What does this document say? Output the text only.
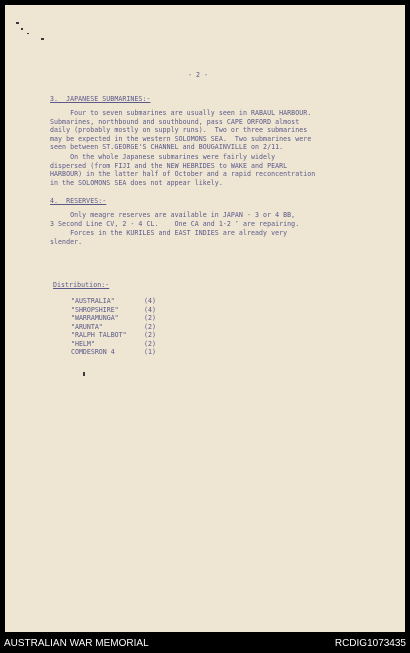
- 2 -
3.  JAPANESE SUBMARINES:-
Four to seven submarines are usually seen in RABAUL HARBOUR.
Submarines, northbound and southbound, pass CAPE ORFORD almost
daily (probably mostly on supply runs).  Two or three submarines
may be expected in the western SOLOMONS SEA.  Two submarines were
seen between ST.GEORGE'S CHANNEL and BOUGAINVILLE on 2/11.
On the whole Japanese submarines were fairly widely
dispersed (from FIJI and the NEW HEBRIDES to WAKE and PEARL
HARBOUR) in the latter half of October and a rapid reconcentration
in the SOLOMONS SEA does not appear likely.
4.  RESERVES:-
Only meagre reserves are available in JAPAN - 3 or 4 BB,
3 Second Line CV, 2 - 4 CL.    One CA and 1-2 ″ are repairing.
Forces in the KURILES and EAST INDIES are already very
slender.
Distribution:-
"AUSTRALIA"	(4)
"SHROPSHIRE"	(4)
"WARRAMUNGA"	(2)
"ARUNTA"	(2)
"RALPH TALBOT"	(2)
"HELM"	(2)
COMDESRON 4	(1)
AUSTRALIAN WAR MEMORIAL	RCDIG1073435
